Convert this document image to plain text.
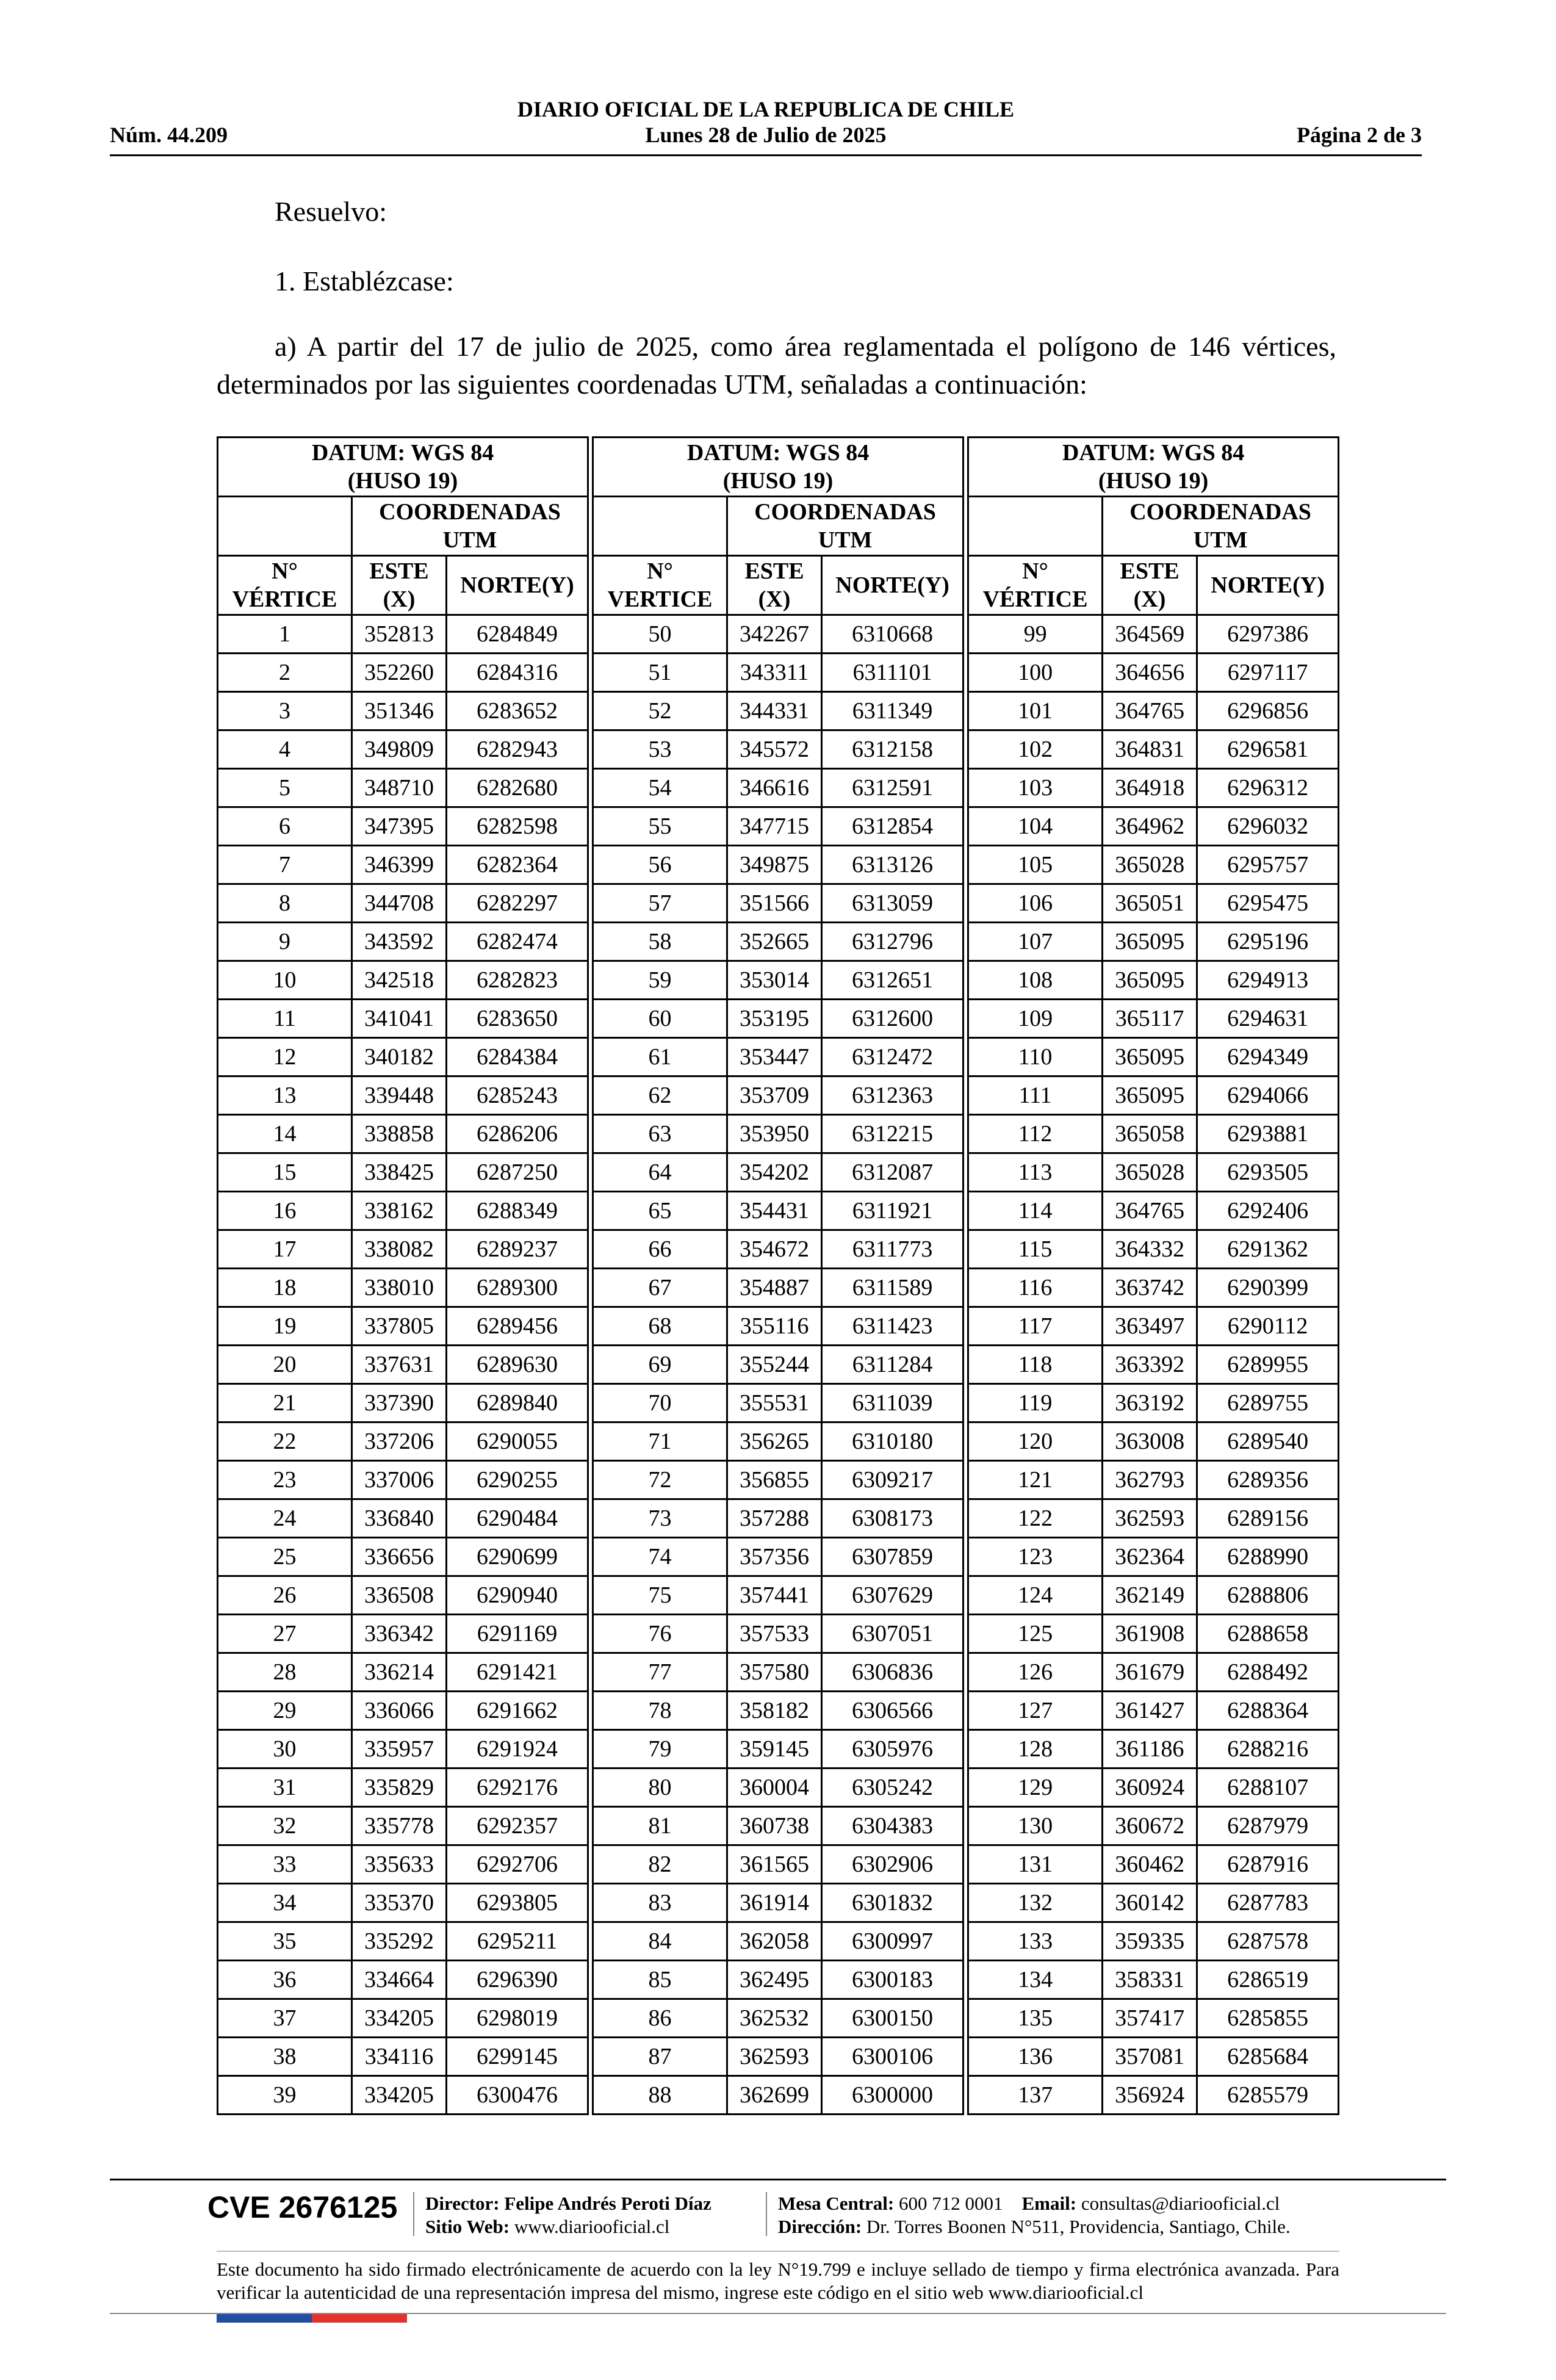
DIARIO OFICIAL DE LA REPUBLICA DE CHILE
Núm. 44.209	Lunes 28 de Julio de 2025	Página 2 de 3
Resuelvo:
1. Establézcase:
a) A partir del 17 de julio de 2025, como área reglamentada el polígono de 146 vértices, determinados por las siguientes coordenadas UTM, señaladas a continuación:
DATUM: WGS 84
(HUSO 19)				DATUM: WGS 84
(HUSO 19)				DATUM: WGS 84
(HUSO 19)		
	COORDENADAS
UTM				COORDENADAS
UTM				COORDENADAS
UTM	
N°
VÉRTICE	ESTE
(X)	NORTE(Y)		N°
VERTICE	ESTE
(X)	NORTE(Y)		N°
VÉRTICE	ESTE
(X)	NORTE(Y)
1	352813	6284849		50	342267	6310668		99	364569	6297386
2	352260	6284316		51	343311	6311101		100	364656	6297117
3	351346	6283652		52	344331	6311349		101	364765	6296856
4	349809	6282943		53	345572	6312158		102	364831	6296581
5	348710	6282680		54	346616	6312591		103	364918	6296312
6	347395	6282598		55	347715	6312854		104	364962	6296032
7	346399	6282364		56	349875	6313126		105	365028	6295757
8	344708	6282297		57	351566	6313059		106	365051	6295475
9	343592	6282474		58	352665	6312796		107	365095	6295196
10	342518	6282823		59	353014	6312651		108	365095	6294913
11	341041	6283650		60	353195	6312600		109	365117	6294631
12	340182	6284384		61	353447	6312472		110	365095	6294349
13	339448	6285243		62	353709	6312363		111	365095	6294066
14	338858	6286206		63	353950	6312215		112	365058	6293881
15	338425	6287250		64	354202	6312087		113	365028	6293505
16	338162	6288349		65	354431	6311921		114	364765	6292406
17	338082	6289237		66	354672	6311773		115	364332	6291362
18	338010	6289300		67	354887	6311589		116	363742	6290399
19	337805	6289456		68	355116	6311423		117	363497	6290112
20	337631	6289630		69	355244	6311284		118	363392	6289955
21	337390	6289840		70	355531	6311039		119	363192	6289755
22	337206	6290055		71	356265	6310180		120	363008	6289540
23	337006	6290255		72	356855	6309217		121	362793	6289356
24	336840	6290484		73	357288	6308173		122	362593	6289156
25	336656	6290699		74	357356	6307859		123	362364	6288990
26	336508	6290940		75	357441	6307629		124	362149	6288806
27	336342	6291169		76	357533	6307051		125	361908	6288658
28	336214	6291421		77	357580	6306836		126	361679	6288492
29	336066	6291662		78	358182	6306566		127	361427	6288364
30	335957	6291924		79	359145	6305976		128	361186	6288216
31	335829	6292176		80	360004	6305242		129	360924	6288107
32	335778	6292357		81	360738	6304383		130	360672	6287979
33	335633	6292706		82	361565	6302906		131	360462	6287916
34	335370	6293805		83	361914	6301832		132	360142	6287783
35	335292	6295211		84	362058	6300997		133	359335	6287578
36	334664	6296390		85	362495	6300183		134	358331	6286519
37	334205	6298019		86	362532	6300150		135	357417	6285855
38	334116	6299145		87	362593	6300106		136	357081	6285684
39	334205	6300476		88	362699	6300000		137	356924	6285579
CVE 2676125 Director: Felipe Andrés Peroti Díaz
Sitio Web: www.diariooficial.cl
Mesa Central: 600 712 0001 Email: consultas@diariooficial.cl
Dirección: Dr. Torres Boonen N°511, Providencia, Santiago, Chile.
Este documento ha sido firmado electrónicamente de acuerdo con la ley N°19.799 e incluye sellado de tiempo y firma electrónica avanzada. Para verificar la autenticidad de una representación impresa del mismo, ingrese este código en el sitio web www.diariooficial.cl
